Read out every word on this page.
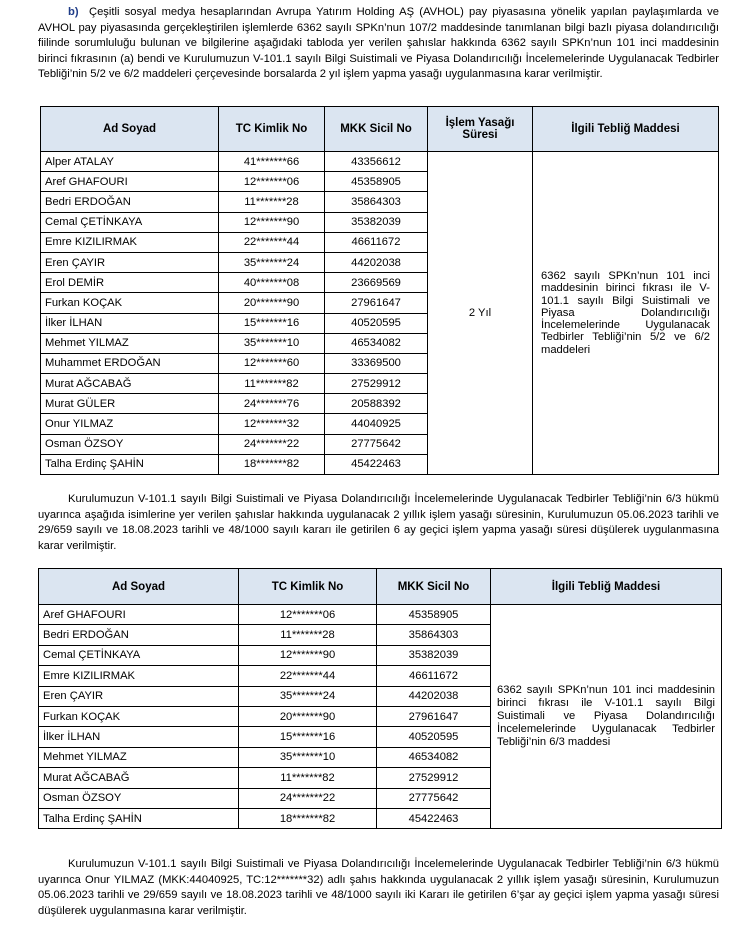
b) Çeşitli sosyal medya hesaplarından Avrupa Yatırım Holding AŞ (AVHOL) pay piyasasına yönelik yapılan paylaşımlarda ve AVHOL pay piyasasında gerçekleştirilen işlemlerde 6362 sayılı SPKn’nun 107/2 maddesinde tanımlanan bilgi bazlı piyasa dolandırıcılığı fiilinde sorumluluğu bulunan ve bilgilerine aşağıdaki tabloda yer verilen şahıslar hakkında 6362 sayılı SPKn’nun 101 inci maddesinin birinci fıkrasının (a) bendi ve Kurulumuzun V-101.1 sayılı Bilgi Suistimali ve Piyasa Dolandırıcılığı İncelemelerinde Uygulanacak Tedbirler Tebliği’nin 5/2 ve 6/2 maddeleri çerçevesinde borsalarda 2 yıl işlem yapma yasağı uygulanmasına karar verilmiştir.

Ad Soyad	TC Kimlik No	MKK Sicil No	İşlem Yasağı Süresi	İlgili Tebliğ Maddesi
Alper ATALAY	41*******66	43356612	2 Yıl	6362 sayılı SPKn’nun 101 inci maddesinin birinci fıkrası ile V-101.1 sayılı Bilgi Suistimali ve Piyasa Dolandırıcılığı İncelemelerinde Uygulanacak Tedbirler Tebliği’nin 5/2 ve 6/2 maddeleri
Aref GHAFOURI	12*******06	45358905		
Bedri ERDOĞAN	11*******28	35864303		
Cemal ÇETİNKAYA	12*******90	35382039		
Emre KIZILIRMAK	22*******44	46611672		
Eren ÇAYIR	35*******24	44202038		
Erol DEMİR	40*******08	23669569		
Furkan KOÇAK	20*******90	27961647		
İlker İLHAN	15*******16	40520595		
Mehmet YILMAZ	35*******10	46534082		
Muhammet ERDOĞAN	12*******60	33369500		
Murat AĞCABAĞ	11*******82	27529912		
Murat GÜLER	24*******76	20588392		
Onur YILMAZ	12*******32	44040925		
Osman ÖZSOY	24*******22	27775642		
Talha Erdinç ŞAHİN	18*******82	45422463		

Kurulumuzun V-101.1 sayılı Bilgi Suistimali ve Piyasa Dolandırıcılığı İncelemelerinde Uygulanacak Tedbirler Tebliği’nin 6/3 hükmü uyarınca aşağıda isimlerine yer verilen şahıslar hakkında uygulanacak 2 yıllık işlem yasağı süresinin, Kurulumuzun 05.06.2023 tarihli ve 29/659 sayılı ve 18.08.2023 tarihli ve 48/1000 sayılı kararı ile getirilen 6 ay geçici işlem yapma yasağı süresi düşülerek uygulanmasına karar verilmiştir.

Ad Soyad	TC Kimlik No	MKK Sicil No	İlgili Tebliğ Maddesi
Aref GHAFOURI	12*******06	45358905	6362 sayılı SPKn’nun 101 inci maddesinin birinci fıkrası ile V-101.1 sayılı Bilgi Suistimali ve Piyasa Dolandırıcılığı İncelemelerinde Uygulanacak Tedbirler Tebliği’nin 6/3 maddesi
Bedri ERDOĞAN	11*******28	35864303	
Cemal ÇETİNKAYA	12*******90	35382039	
Emre KIZILIRMAK	22*******44	46611672	
Eren ÇAYIR	35*******24	44202038	
Furkan KOÇAK	20*******90	27961647	
İlker İLHAN	15*******16	40520595	
Mehmet YILMAZ	35*******10	46534082	
Murat AĞCABAĞ	11*******82	27529912	
Osman ÖZSOY	24*******22	27775642	
Talha Erdinç ŞAHİN	18*******82	45422463	

Kurulumuzun V-101.1 sayılı Bilgi Suistimali ve Piyasa Dolandırıcılığı İncelemelerinde Uygulanacak Tedbirler Tebliği’nin 6/3 hükmü uyarınca Onur YILMAZ (MKK:44040925, TC:12*******32) adlı şahıs hakkında uygulanacak 2 yıllık işlem yasağı süresinin, Kurulumuzun 05.06.2023 tarihli ve 29/659 sayılı ve 18.08.2023 tarihli ve 48/1000 sayılı iki Kararı ile getirilen 6’şar ay geçici işlem yapma yasağı süresi düşülerek uygulanmasına karar verilmiştir.
